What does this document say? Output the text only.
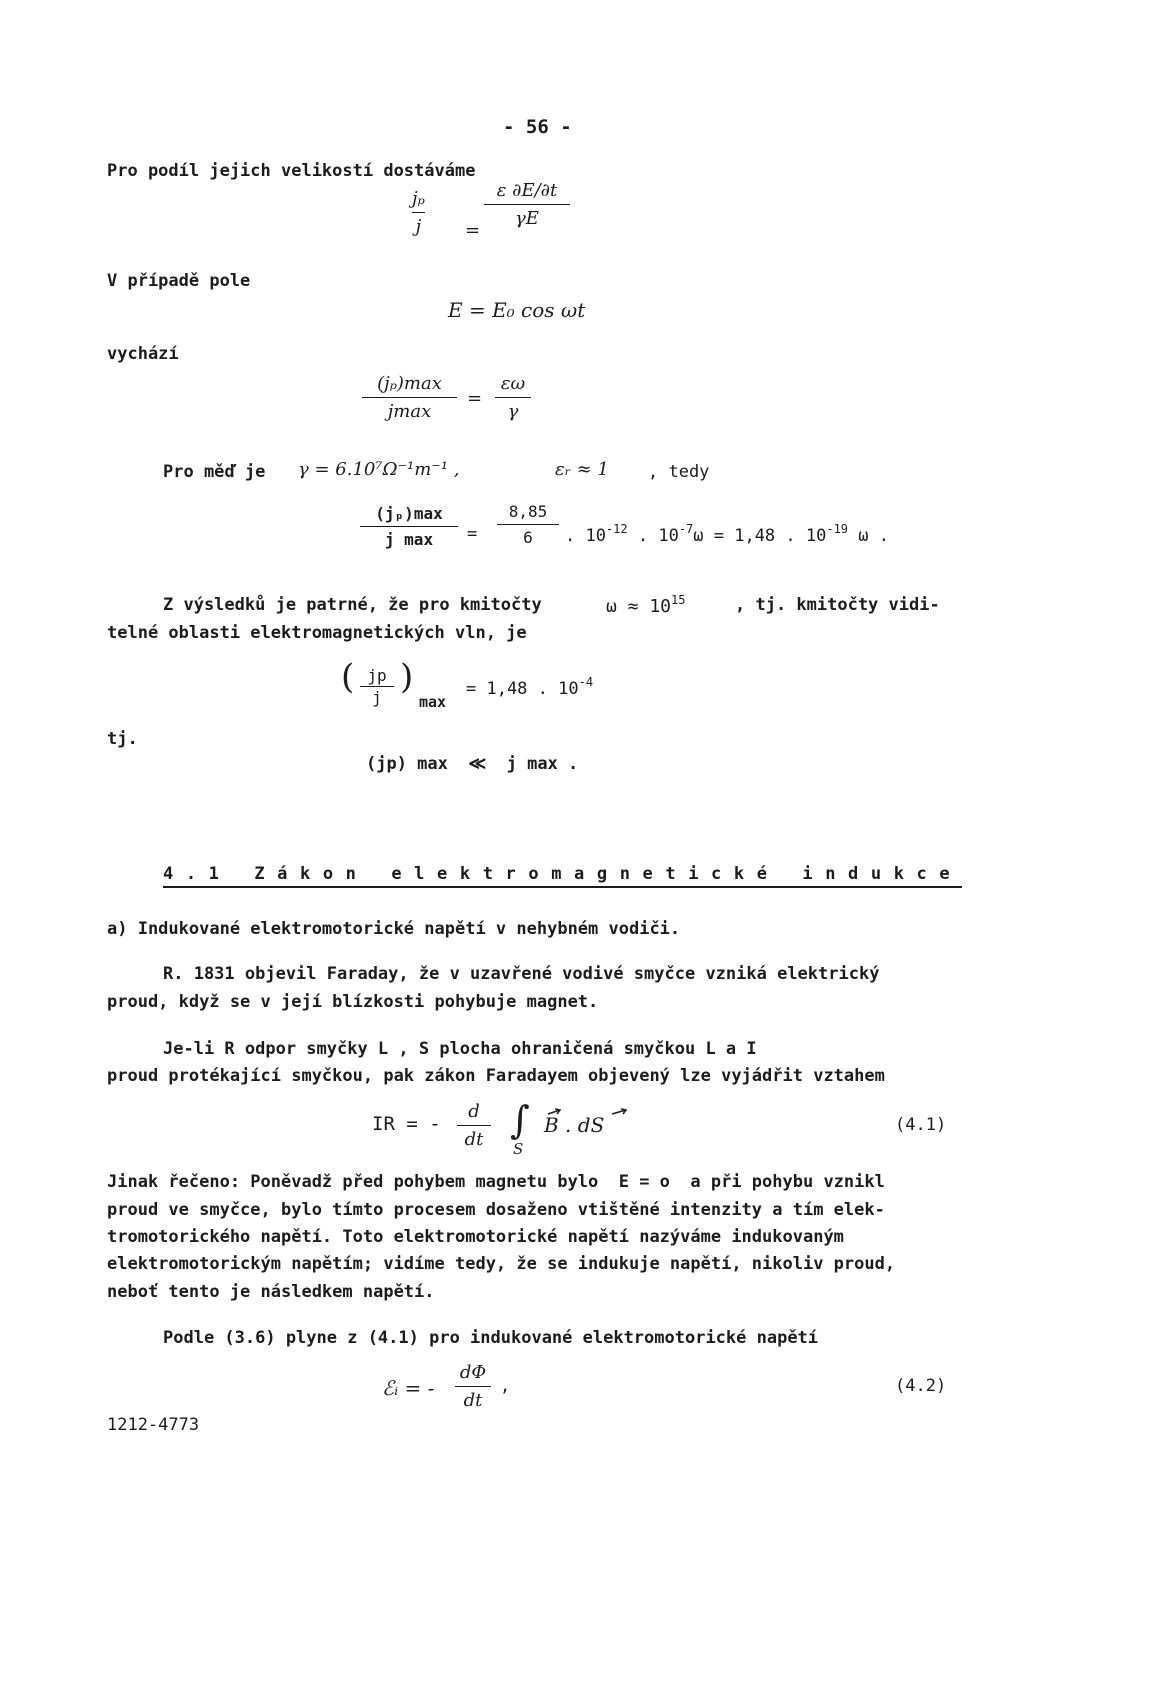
- 56 -
Pro podíl jejich velikostí dostáváme
jₚ
j =
ε ∂E/∂t
γE
V případě pole
E = E₀ cos ωt
vychází
(jₚ)max
jmax
=
εω
γ
Pro měď je γ = 6.10⁷Ω⁻¹m⁻¹ ,	εᵣ ≈ 1 , tedy
(jₚ)max
j max =
8,85
6 . $10^{-12}$ . $10^{-7}\omega = 1,48$ . $10^{-19}$ ω .
Z výsledků je patrné, že pro kmitočty	$\omega \approx 10^{15}$	, tj. kmitočty vidi-
telné oblasti elektromagnetických vln, je
( jp
j
)
max
= 1,48 . $10^{-4}$
tj.
(jp) max  ≪  j max .
4.1 Zákon elektromagnetické indukce
a) Indukované elektromotorické napětí v nehybném vodiči.
R. 1831 objevil Faraday, že v uzavřené vodivé smyčce vzniká elektrický
proud, když se v její blízkosti pohybuje magnet.
Je-li R odpor smyčky L , S plocha ohraničená smyčkou L a I
proud protékající smyčkou, pak zákon Faradayem objevený lze vyjádřit vztahem
IR = -
d
dt ∫
S
B . dS	(4.1)
Jinak řečeno: Poněvadž před pohybem magnetu bylo  E = o  a při pohybu vznikl
proud ve smyčce, bylo tímto procesem dosaženo vtištěné intenzity a tím elek-
tromotorického napětí. Toto elektromotorické napětí nazýváme indukovaným
elektromotorickým napětím; vidíme tedy, že se indukuje napětí, nikoliv proud,
neboť tento je následkem napětí.
Podle (3.6) plyne z (4.1) pro indukované elektromotorické napětí
ℰᵢ = -
dΦ
dt
,	(4.2)
1212-4773
